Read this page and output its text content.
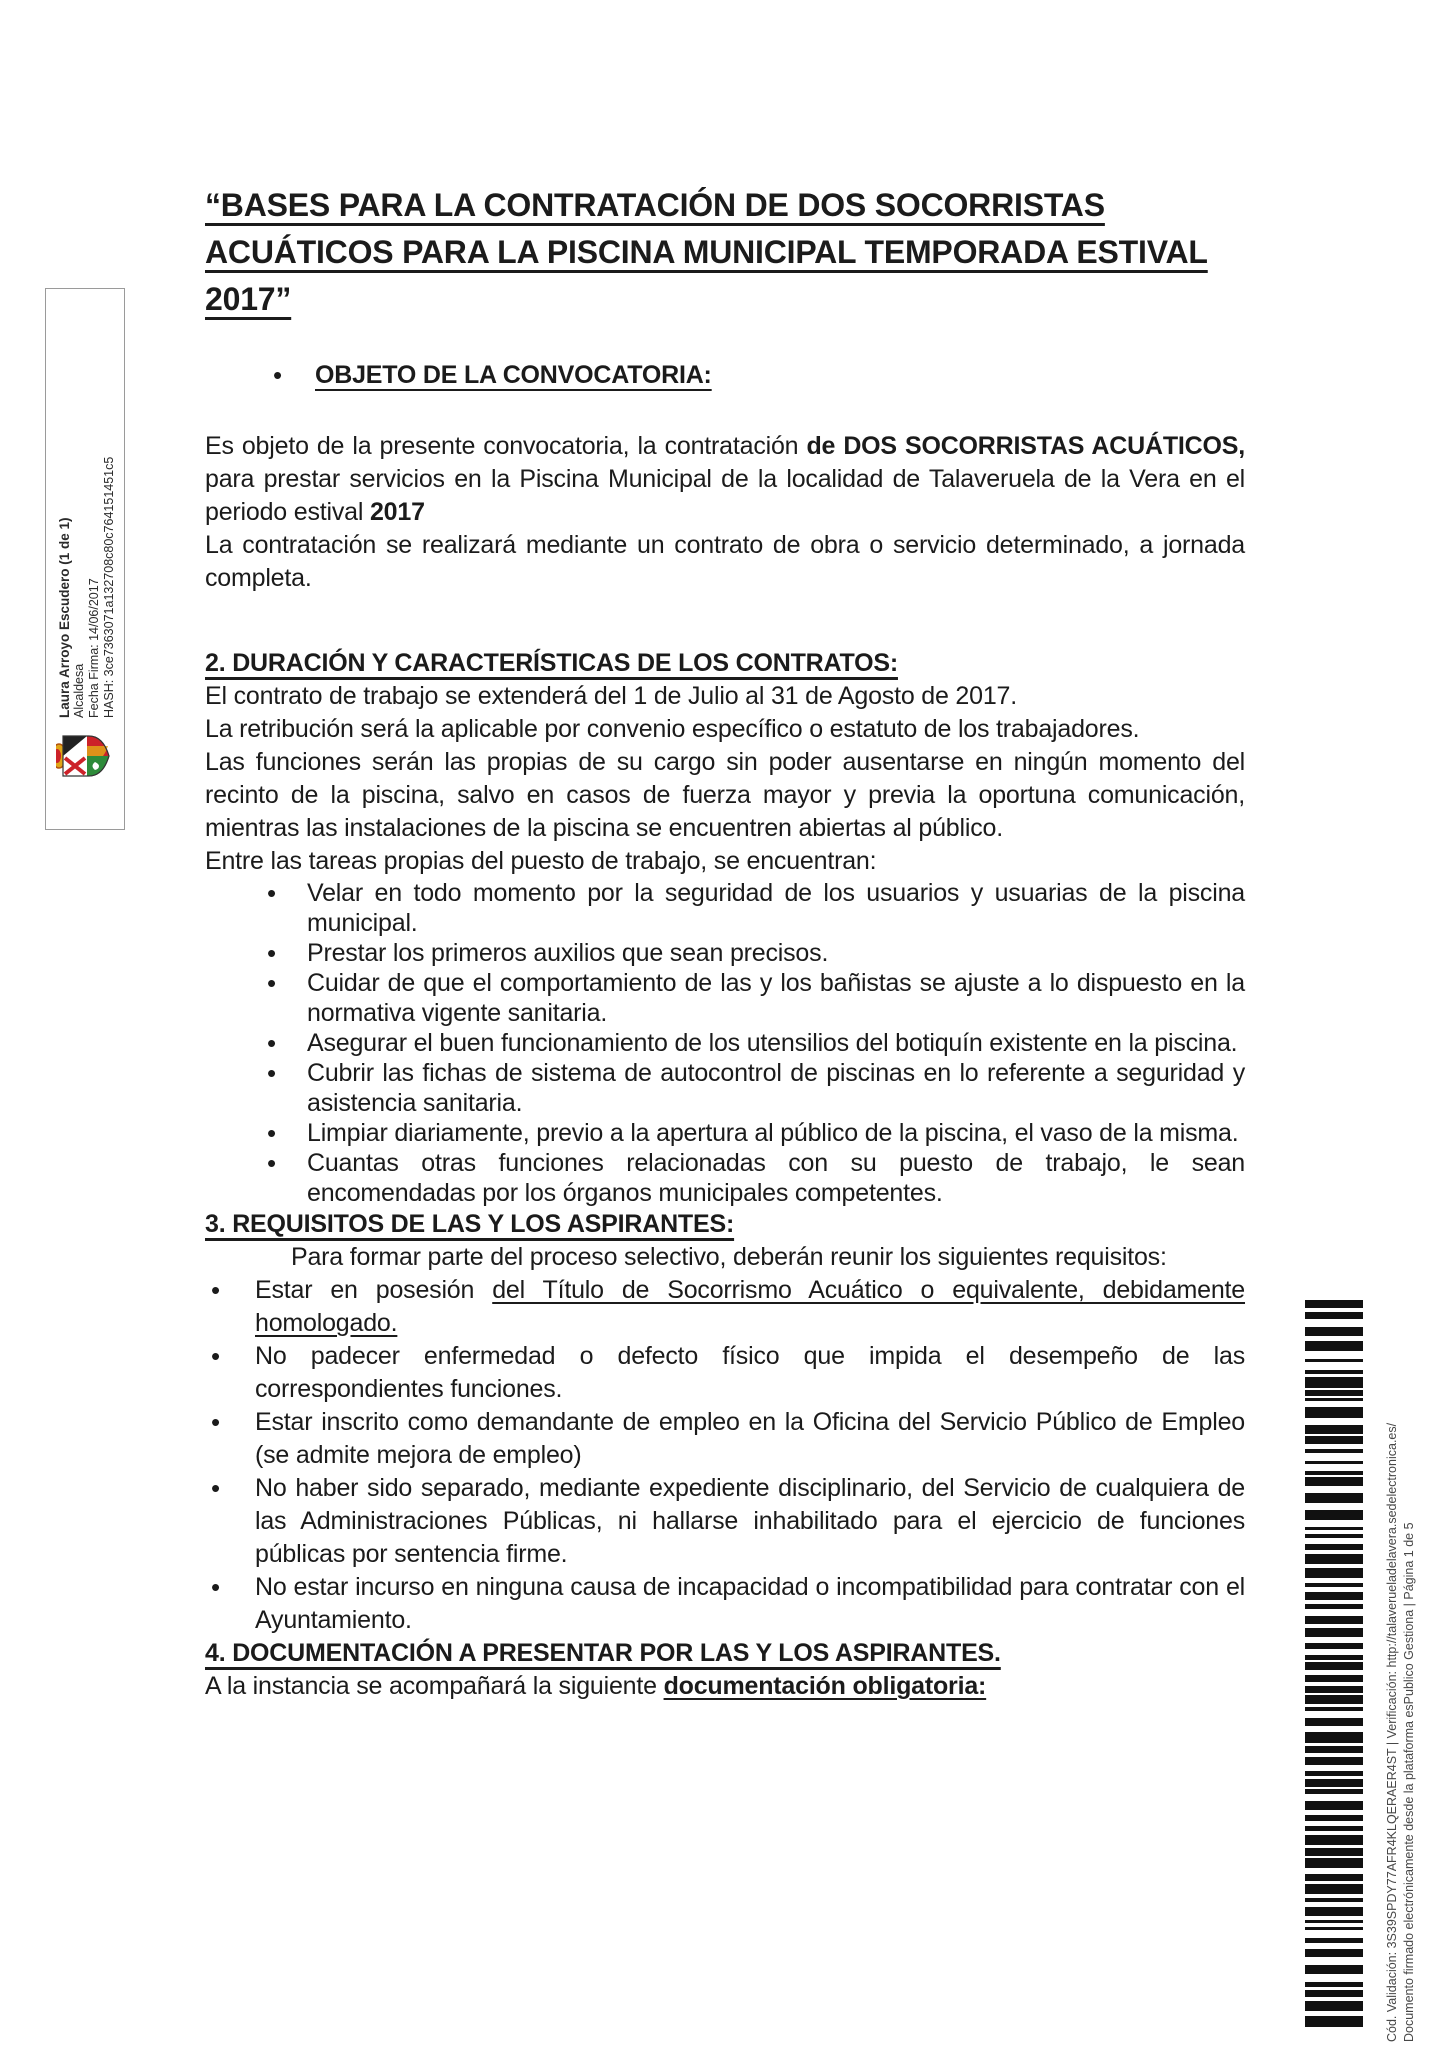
“BASES PARA LA CONTRATACIÓN DE DOS SOCORRISTAS ACUÁTICOS PARA LA PISCINA MUNICIPAL TEMPORADA ESTIVAL 2017”
• OBJETO DE LA CONVOCATORIA:

Es objeto de la presente convocatoria, la contratación de DOS SOCORRISTAS ACUÁTICOS, para prestar servicios en la Piscina Municipal de la localidad de Talaveruela de la Vera en el periodo estival 2017

La contratación se realizará mediante un contrato de obra o servicio determinado, a jornada completa.

2. DURACIÓN Y CARACTERÍSTICAS DE LOS CONTRATOS:

El contrato de trabajo se extenderá del 1 de Julio al 31 de Agosto de 2017.

La retribución será la aplicable por convenio específico o estatuto de los trabajadores.

Las funciones serán las propias de su cargo sin poder ausentarse en ningún momento del recinto de la piscina, salvo en casos de fuerza mayor y previa la oportuna comunicación, mientras las instalaciones de la piscina se encuentren abiertas al público.

Entre las tareas propias del puesto de trabajo, se encuentran:

• Velar en todo momento por la seguridad de los usuarios y usuarias de la piscina municipal.
• Prestar los primeros auxilios que sean precisos.
• Cuidar de que el comportamiento de las y los bañistas se ajuste a lo dispuesto en la normativa vigente sanitaria.
• Asegurar el buen funcionamiento de los utensilios del botiquín existente en la piscina.
• Cubrir las fichas de sistema de autocontrol de piscinas en lo referente a seguridad y asistencia sanitaria.
• Limpiar diariamente, previo a la apertura al público de la piscina, el vaso de la misma.
• Cuantas otras funciones relacionadas con su puesto de trabajo, le sean encomendadas por los órganos municipales competentes.

3. REQUISITOS DE LAS Y LOS ASPIRANTES:

Para formar parte del proceso selectivo, deberán reunir los siguientes requisitos:

• Estar en posesión del Título de Socorrismo Acuático o equivalente, debidamente homologado.
• No padecer enfermedad o defecto físico que impida el desempeño de las correspondientes funciones.
• Estar inscrito como demandante de empleo en la Oficina del Servicio Público de Empleo (se admite mejora de empleo)
• No haber sido separado, mediante expediente disciplinario, del Servicio de cualquiera de las Administraciones Públicas, ni hallarse inhabilitado para el ejercicio de funciones públicas por sentencia firme.
• No estar incurso en ninguna causa de incapacidad o incompatibilidad para contratar con el Ayuntamiento.

4. DOCUMENTACIÓN A PRESENTAR POR LAS Y LOS ASPIRANTES.

A la instancia se acompañará la siguiente documentación obligatoria:

Laura Arroyo Escudero (1 de 1) Alcaldesa Fecha Firma: 14/06/2017 HASH: 3ce7363071a132708c80c764151451c5
Cód. Validación: 3S39SPDY77AFR4KLQERAER4ST | Verificación: http://talaverueladelavera.sedelectronica.es/ Documento firmado electrónicamente desde la plataforma esPublico Gestiona | Página 1 de 5
